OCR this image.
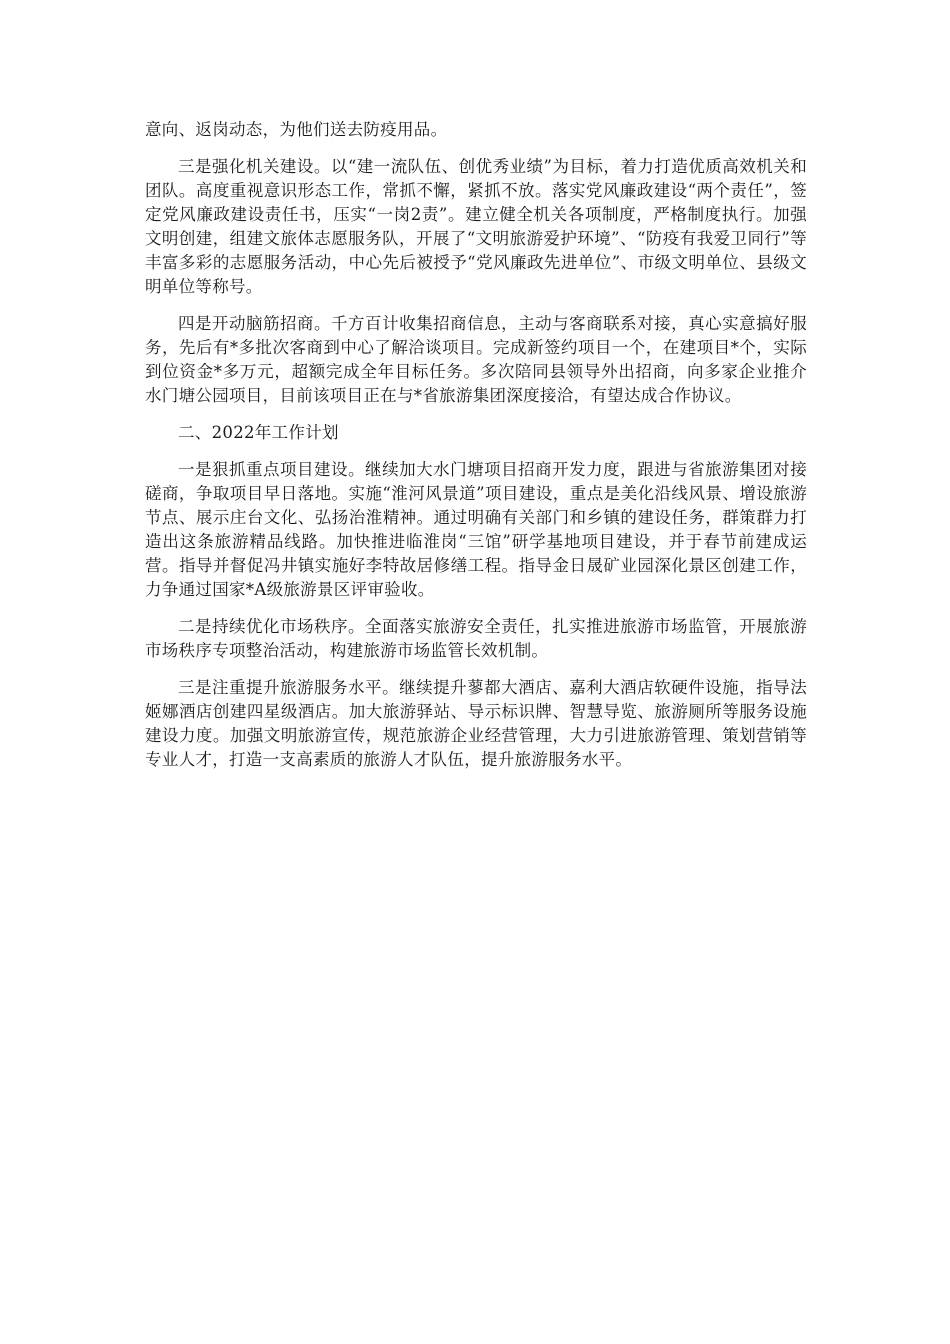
意向、返岗动态，为他们送去防疫用品。

三是强化机关建设。以“建一流队伍、创优秀业绩”为目标，着力打造优质高效机关和团队。高度重视意识形态工作，常抓不懈，紧抓不放。落实党风廉政建设“两个责任”，签定党风廉政建设责任书，压实“一岗2责”。建立健全机关各项制度，严格制度执行。加强文明创建，组建文旅体志愿服务队，开展了“文明旅游爱护环境”、“防疫有我爱卫同行”等丰富多彩的志愿服务活动，中心先后被授予“党风廉政先进单位”、市级文明单位、县级文明单位等称号。

四是开动脑筋招商。千方百计收集招商信息，主动与客商联系对接，真心实意搞好服务，先后有*多批次客商到中心了解洽谈项目。完成新签约项目一个，在建项目*个，实际到位资金*多万元，超额完成全年目标任务。多次陪同县领导外出招商，向多家企业推介水门塘公园项目，目前该项目正在与*省旅游集团深度接洽，有望达成合作协议。

二、2022年工作计划

一是狠抓重点项目建设。继续加大水门塘项目招商开发力度，跟进与省旅游集团对接磋商，争取项目早日落地。实施“淮河风景道”项目建设，重点是美化沿线风景、增设旅游节点、展示庄台文化、弘扬治淮精神。通过明确有关部门和乡镇的建设任务，群策群力打造出这条旅游精品线路。加快推进临淮岗“三馆”研学基地项目建设，并于春节前建成运营。指导并督促冯井镇实施好李特故居修缮工程。指导金日晟矿业园深化景区创建工作，力争通过国家*A级旅游景区评审验收。

二是持续优化市场秩序。全面落实旅游安全责任，扎实推进旅游市场监管，开展旅游市场秩序专项整治活动，构建旅游市场监管长效机制。

三是注重提升旅游服务水平。继续提升蓼都大酒店、嘉利大酒店软硬件设施，指导法姬娜酒店创建四星级酒店。加大旅游驿站、导示标识牌、智慧导览、旅游厕所等服务设施建设力度。加强文明旅游宣传，规范旅游企业经营管理，大力引进旅游管理、策划营销等专业人才，打造一支高素质的旅游人才队伍，提升旅游服务水平。
